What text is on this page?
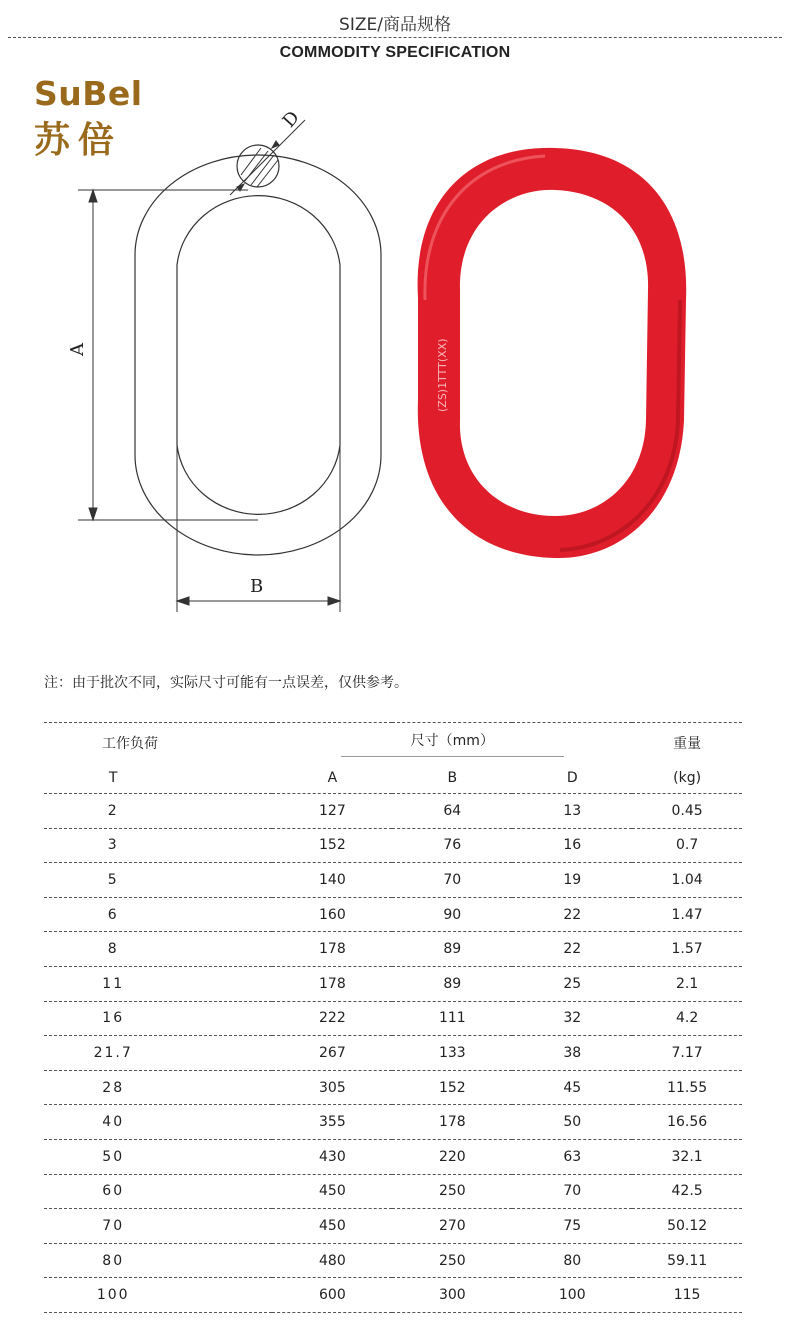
SIZE/商品规格
COMMODITY SPECIFICATION
SuBel
苏倍
D
A
B
(ZS)1TTT(XX)
注：由于批次不同，实际尺寸可能有一点误差，仅供参考。
工作负荷	尺寸（mm）			重量
T	A	B	D	(kg)
2	127	64	13	0.45
3	152	76	16	0.7
5	140	70	19	1.04
6	160	90	22	1.47
8	178	89	22	1.57
11	178	89	25	2.1
16	222	111	32	4.2
21.7	267	133	38	7.17
28	305	152	45	11.55
40	355	178	50	16.56
50	430	220	63	32.1
60	450	250	70	42.5
70	450	270	75	50.12
80	480	250	80	59.11
100	600	300	100	115
